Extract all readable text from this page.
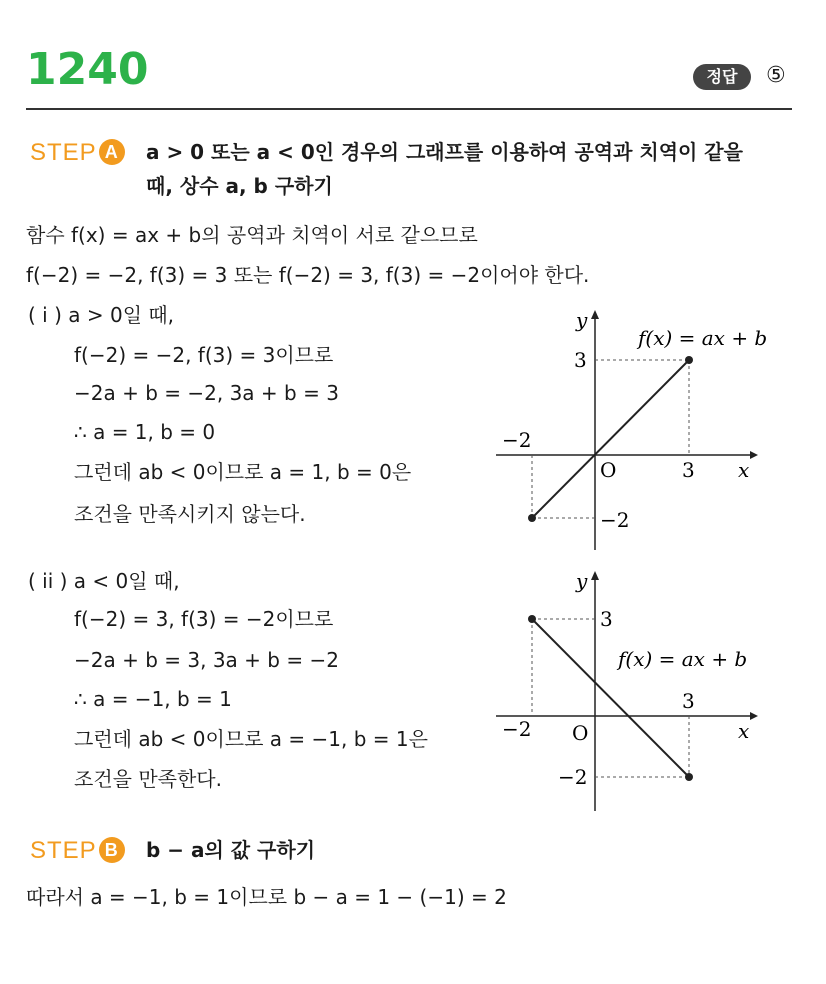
1240	정답	⑤
STEP A	a > 0 또는 a < 0인 경우의 그래프를 이용하여 공역과 치역이 같을
때, 상수 a, b 구하기
함수 f(x) = ax + b의 공역과 치역이 서로 같으므로
f(−2) = −2, f(3) = 3 또는 f(−2) = 3, f(3) = −2이어야 한다.
( i ) a > 0일 때,
f(−2) = −2, f(3) = 3이므로
−2a + b = −2, 3a + b = 3
∴ a = 1, b = 0
그런데 ab < 0이므로 a = 1, b = 0은
조건을 만족시키지 않는다.
y
x
O
3
−2
3
−2
f(x) = ax + b
( ii ) a < 0일 때,
f(−2) = 3, f(3) = −2이므로
−2a + b = 3, 3a + b = −2
∴ a = −1, b = 1
그런데 ab < 0이므로 a = −1, b = 1은
조건을 만족한다.
y
x
O
3
−2
3
−2
f(x) = ax + b
STEP B	b − a의 값 구하기
따라서 a = −1, b = 1이므로 b − a = 1 − (−1) = 2
